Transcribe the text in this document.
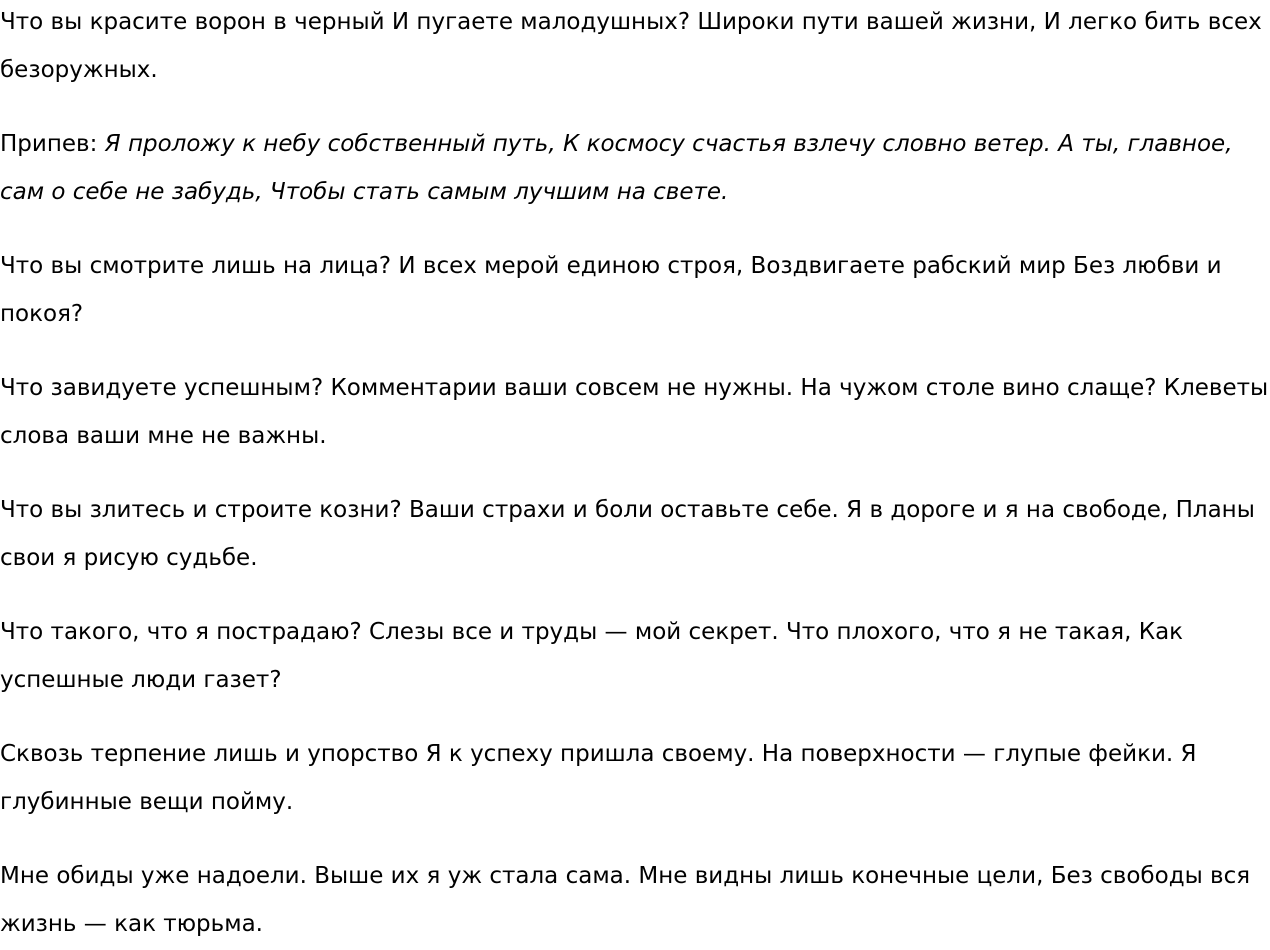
Что вы красите ворон в черный И пугаете малодушных? Широки пути вашей жизни, И легко бить всех безоружных.

Припев: Я проложу к небу собственный путь, К космосу счастья взлечу словно ветер. А ты, главное, сам о себе не забудь, Чтобы стать самым лучшим на свете.

Что вы смотрите лишь на лица? И всех мерой единою строя, Воздвигаете рабский мир Без любви и покоя?

Что завидуете успешным? Комментарии ваши совсем не нужны. На чужом столе вино слаще? Клеветы слова ваши мне не важны.

Что вы злитесь и строите козни? Ваши страхи и боли оставьте себе. Я в дороге и я на свободе, Планы свои я рисую судьбе.

Что такого, что я пострадаю? Слезы все и труды — мой секрет. Что плохого, что я не такая, Как успешные люди газет?

Сквозь терпение лишь и упорство Я к успеху пришла своему. На поверхности — глупые фейки. Я глубинные вещи пойму.

Мне обиды уже надоели. Выше их я уж стала сама. Мне видны лишь конечные цели, Без свободы вся жизнь — как тюрьма.
